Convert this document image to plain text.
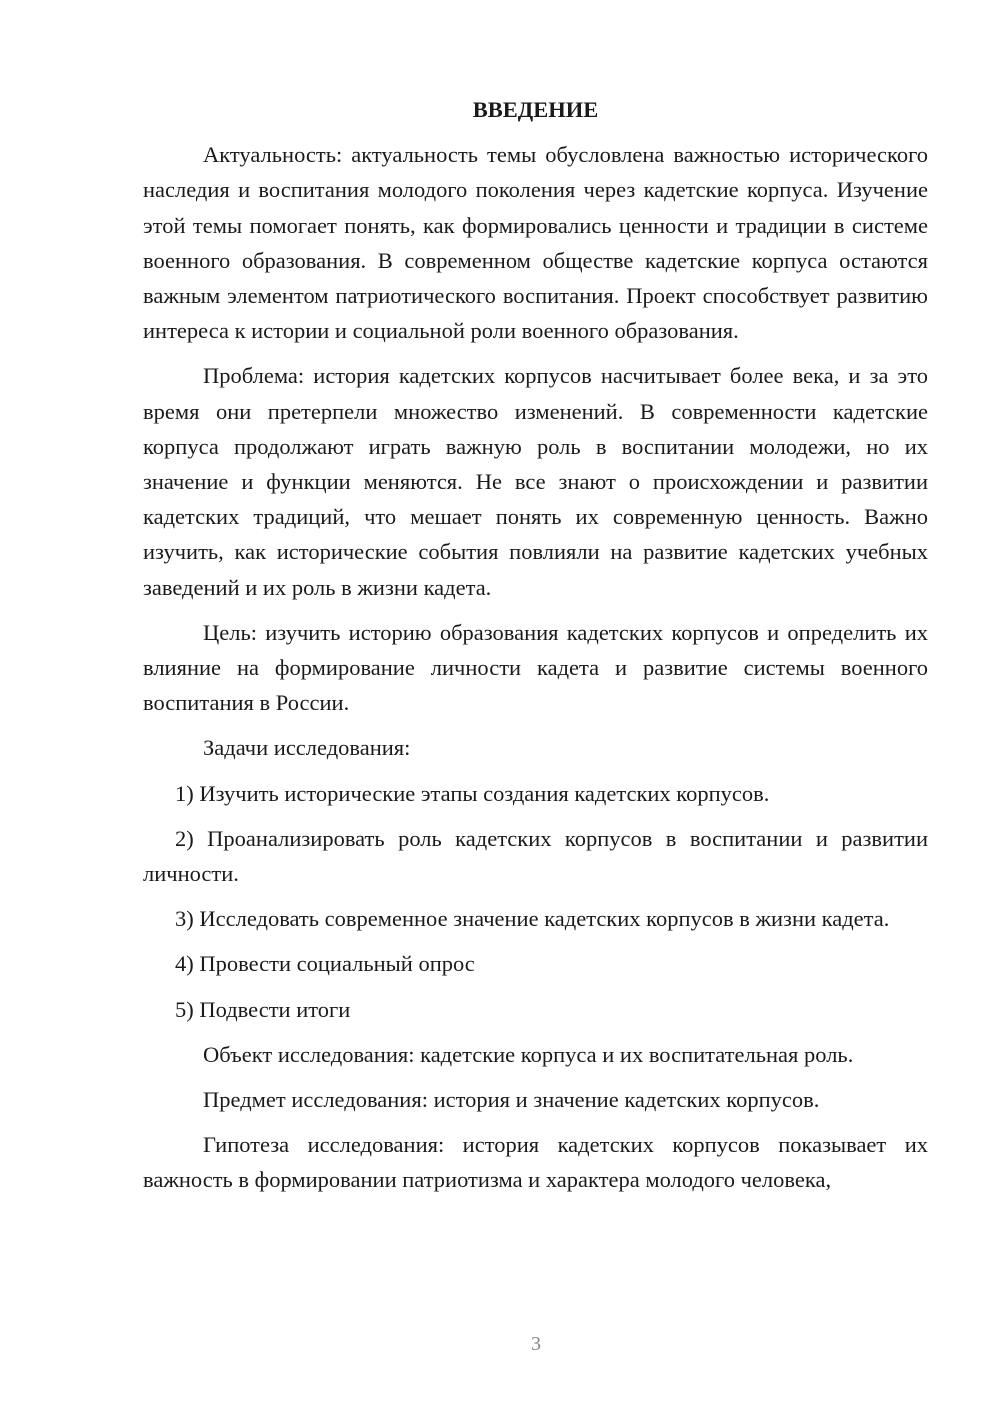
ВВЕДЕНИЕ

Актуальность: актуальность темы обусловлена важностью исторического наследия и воспитания молодого поколения через кадетские корпуса. Изучение этой темы помогает понять, как формировались ценности и традиции в системе военного образования. В современном обществе кадетские корпуса остаются важным элементом патриотического воспитания. Проект способствует развитию интереса к истории и социальной роли военного образования.

Проблема: история кадетских корпусов насчитывает более века, и за это время они претерпели множество изменений. В современности кадетские корпуса продолжают играть важную роль в воспитании молодежи, но их значение и функции меняются. Не все знают о происхождении и развитии кадетских традиций, что мешает понять их современную ценность. Важно изучить, как исторические события повлияли на развитие кадетских учебных заведений и их роль в жизни кадета.

Цель: изучить историю образования кадетских корпусов и определить их влияние на формирование личности кадета и развитие системы военного воспитания в России.

Задачи исследования:

1) Изучить исторические этапы создания кадетских корпусов.

2) Проанализировать роль кадетских корпусов в воспитании и развитии личности.

3) Исследовать современное значение кадетских корпусов в жизни кадета.

4) Провести социальный опрос

5) Подвести итоги

Объект исследования: кадетские корпуса и их воспитательная роль.

Предмет исследования: история и значение кадетских корпусов.

Гипотеза исследования: история кадетских корпусов показывает их важность в формировании патриотизма и характера молодого человека,

3
